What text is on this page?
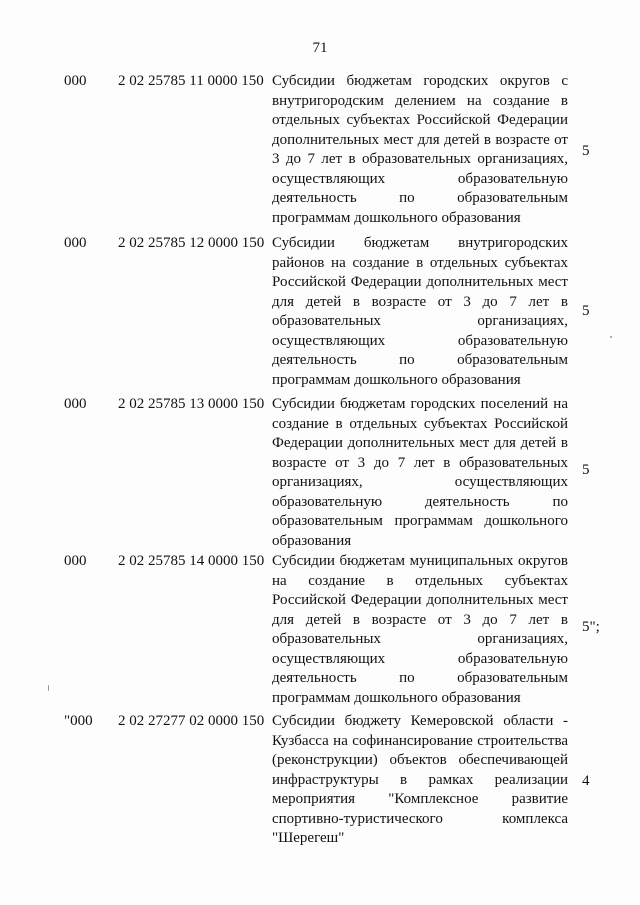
71
000 2 02 25785 11 0000 150 Субсидии бюджетам городских округов с
внутригородским делением на создание в
отдельных субъектах Российской Федерации
дополнительных мест для детей в возрасте от
3 до 7 лет в образовательных организациях,
осуществляющих образовательную
деятельность по образовательным
программам дошкольного образования
5
000 2 02 25785 12 0000 150 Субсидии бюджетам внутригородских
районов на создание в отдельных субъектах
Российской Федерации дополнительных мест
для детей в возрасте от 3 до 7 лет в
образовательных организациях,
осуществляющих образовательную
деятельность по образовательным
программам дошкольного образования
5
000 2 02 25785 13 0000 150 Субсидии бюджетам городских поселений на
создание в отдельных субъектах Российской
Федерации дополнительных мест для детей в
возрасте от 3 до 7 лет в образовательных
организациях, осуществляющих
образовательную деятельность по
образовательным программам дошкольного
образования
5
000 2 02 25785 14 0000 150 Субсидии бюджетам муниципальных округов
на создание в отдельных субъектах
Российской Федерации дополнительных мест
для детей в возрасте от 3 до 7 лет в
образовательных организациях,
осуществляющих образовательную
деятельность по образовательным
программам дошкольного образования
5";
"000 2 02 27277 02 0000 150 Субсидии бюджету Кемеровской области -
Кузбасса на софинансирование строительства
(реконструкции) объектов обеспечивающей
инфраструктуры в рамках реализации
мероприятия "Комплексное развитие
спортивно-туристического комплекса
"Шерегеш"
4
